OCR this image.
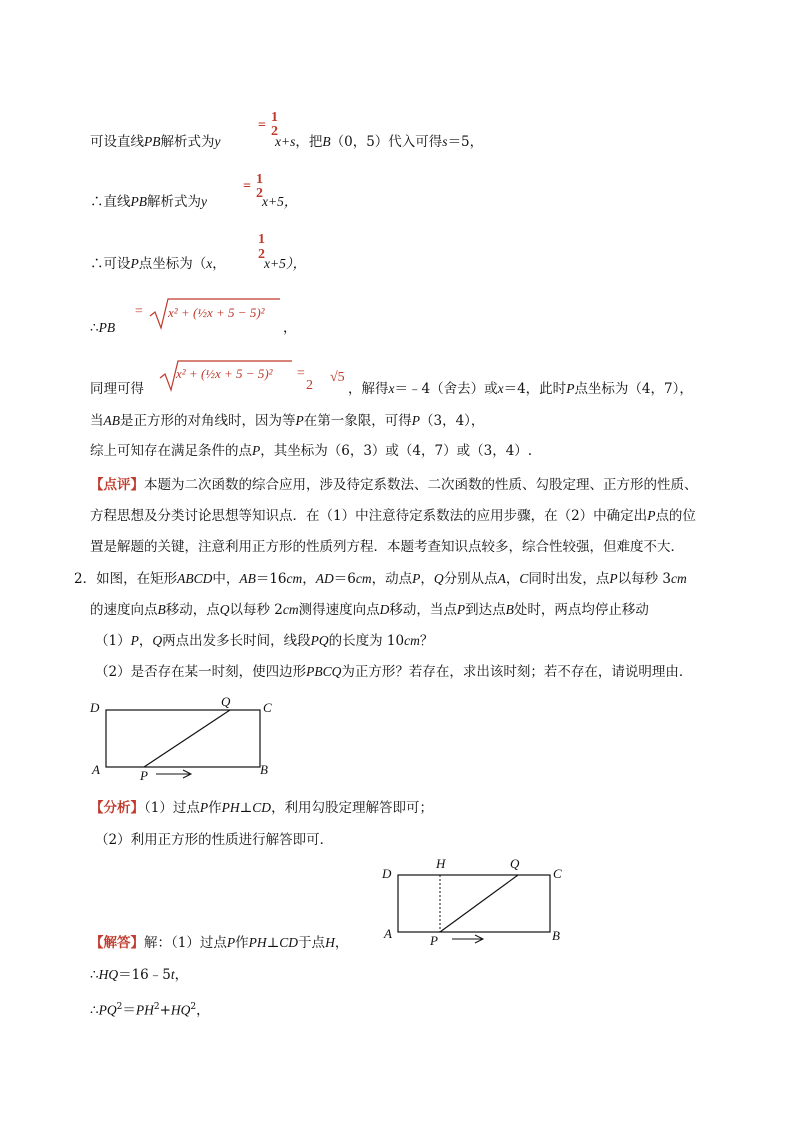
可设直线PB解析式为y
=
1
2
x+s，把B（0，5）代入可得s＝5，
∴直线PB解析式为y
= 1
2
x+5，
∴可设P点坐标为（x，
1
2
x+5），
∴PB
= x² + (½x + 5 − 5)²
，
同理可得
x² + (½x + 5 − 5)² =
2
√5
，解得x＝﹣4（舍去）或x＝4，此时P点坐标为（4，7），
当AB是正方形的对角线时，因为等P在第一象限，可得P（3，4），
综上可知存在满足条件的点P，其坐标为（6，3）或（4，7）或（3，4）.
【点评】本题为二次函数的综合应用，涉及待定系数法、二次函数的性质、勾股定理、正方形的性质、
方程思想及分类讨论思想等知识点．在（1）中注意待定系数法的应用步骤，在（2）中确定出P点的位
置是解题的关键，注意利用正方形的性质列方程．本题考查知识点较多，综合性较强，但难度不大．
2．如图，在矩形ABCD中，AB＝16cm，AD＝6cm，动点P，Q分别从点A，C同时出发，点P以每秒 3cm
的速度向点B移动，点Q以每秒 2cm测得速度向点D移动，当点P到达点B处时，两点均停止移动
（1）P，Q两点出发多长时间，线段PQ的长度为 10cm？
（2）是否存在某一时刻，使四边形PBCQ为正方形？若存在，求出该时刻；若不存在，请说明理由．
D	C
A	B
P
Q
【分析】（1）过点P作PH⊥CD，利用勾股定理解答即可；
（2）利用正方形的性质进行解答即可．
D	C
A	B
P
Q
H
【解答】解：（1）过点P作PH⊥CD于点H，
∴HQ＝16﹣5t，
$\therefore PQ^2=PH^2+HQ^2$，
